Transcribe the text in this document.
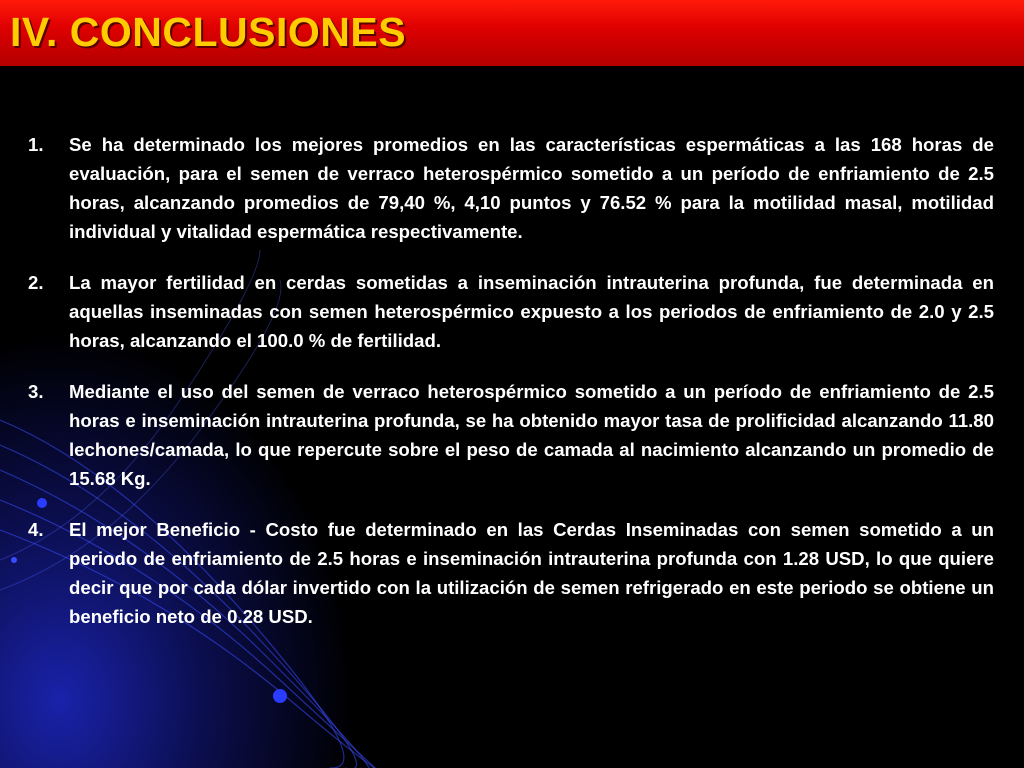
IV. CONCLUSIONES
1.	Se ha determinado los mejores promedios en las características espermáticas a las 168 horas de evaluación, para el semen de verraco heterospérmico sometido a un período de enfriamiento de 2.5 horas, alcanzando promedios de 79,40 %, 4,10 puntos y 76.52 % para la motilidad masal, motilidad individual y vitalidad espermática respectivamente.
2.	La mayor fertilidad en cerdas sometidas a inseminación intrauterina profunda, fue determinada en aquellas inseminadas con semen heterospérmico expuesto a los periodos de enfriamiento de 2.0 y 2.5 horas, alcanzando el 100.0 % de fertilidad.
3.	Mediante el uso del semen de verraco heterospérmico sometido a un período de enfriamiento de 2.5 horas e inseminación intrauterina profunda, se ha obtenido mayor tasa de prolificidad alcanzando 11.80 lechones/camada, lo que repercute sobre el peso de camada al nacimiento alcanzando un promedio de 15.68 Kg.
4.	El mejor Beneficio - Costo fue determinado en las Cerdas Inseminadas con semen sometido a un periodo de enfriamiento de 2.5 horas e inseminación intrauterina profunda con 1.28 USD, lo que quiere decir que por cada dólar invertido con la utilización de semen refrigerado en este periodo se obtiene un beneficio neto de 0.28 USD.
